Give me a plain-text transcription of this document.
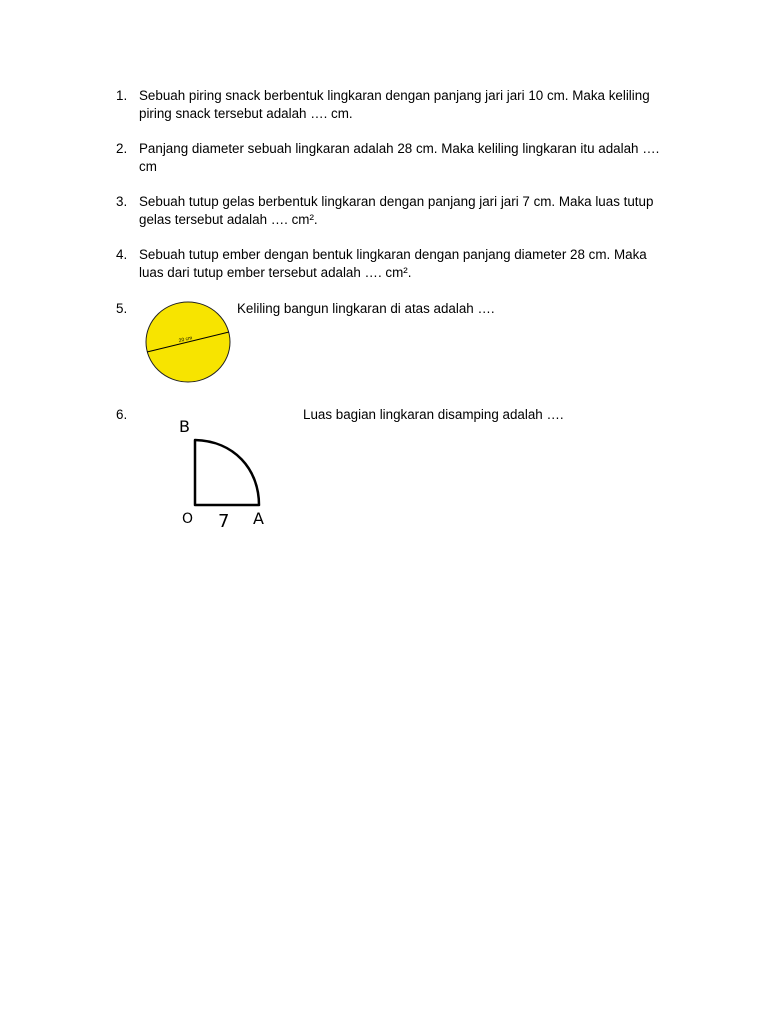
1. Sebuah piring snack berbentuk lingkaran dengan panjang jari jari 10 cm. Maka keliling piring snack tersebut adalah …. cm.
2. Panjang diameter sebuah lingkaran adalah 28 cm. Maka keliling lingkaran itu adalah …. cm
3. Sebuah tutup gelas berbentuk lingkaran dengan panjang jari jari 7 cm. Maka luas tutup gelas tersebut adalah …. cm².
4. Sebuah tutup ember dengan bentuk lingkaran dengan panjang diameter 28 cm. Maka luas dari tutup ember tersebut adalah …. cm².
5.	Keliling bangun lingkaran di atas adalah ….
20 cm
6.	Luas bagian lingkaran disamping adalah ….
B
O 7 A
